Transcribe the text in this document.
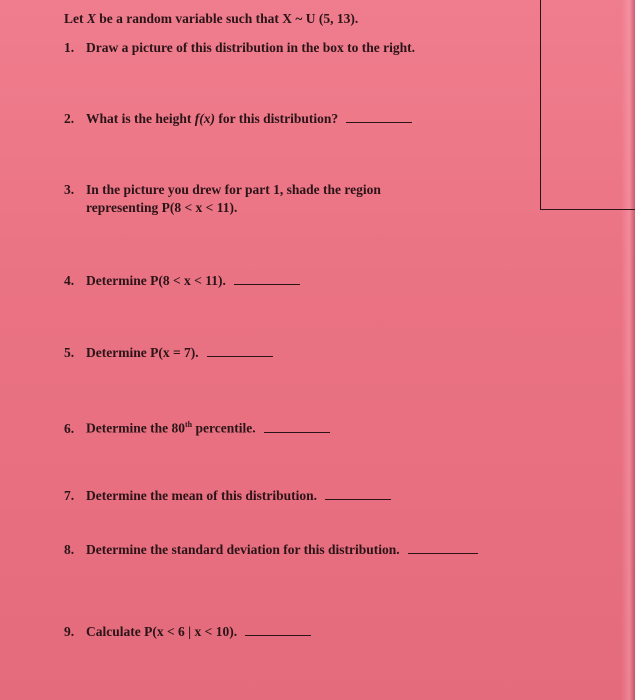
Let X be a random variable such that X ~ U (5, 13).
1. Draw a picture of this distribution in the box to the right.
2. What is the height f(x) for this distribution?
3. In the picture you drew for part 1, shade the region
representing P(8 < x < 11).
4. Determine P(8 < x < 11).
5. Determine P(x = 7).
6. Determine the 80th percentile.
7. Determine the mean of this distribution.
8. Determine the standard deviation for this distribution.
9. Calculate P(x < 6 | x < 10).
